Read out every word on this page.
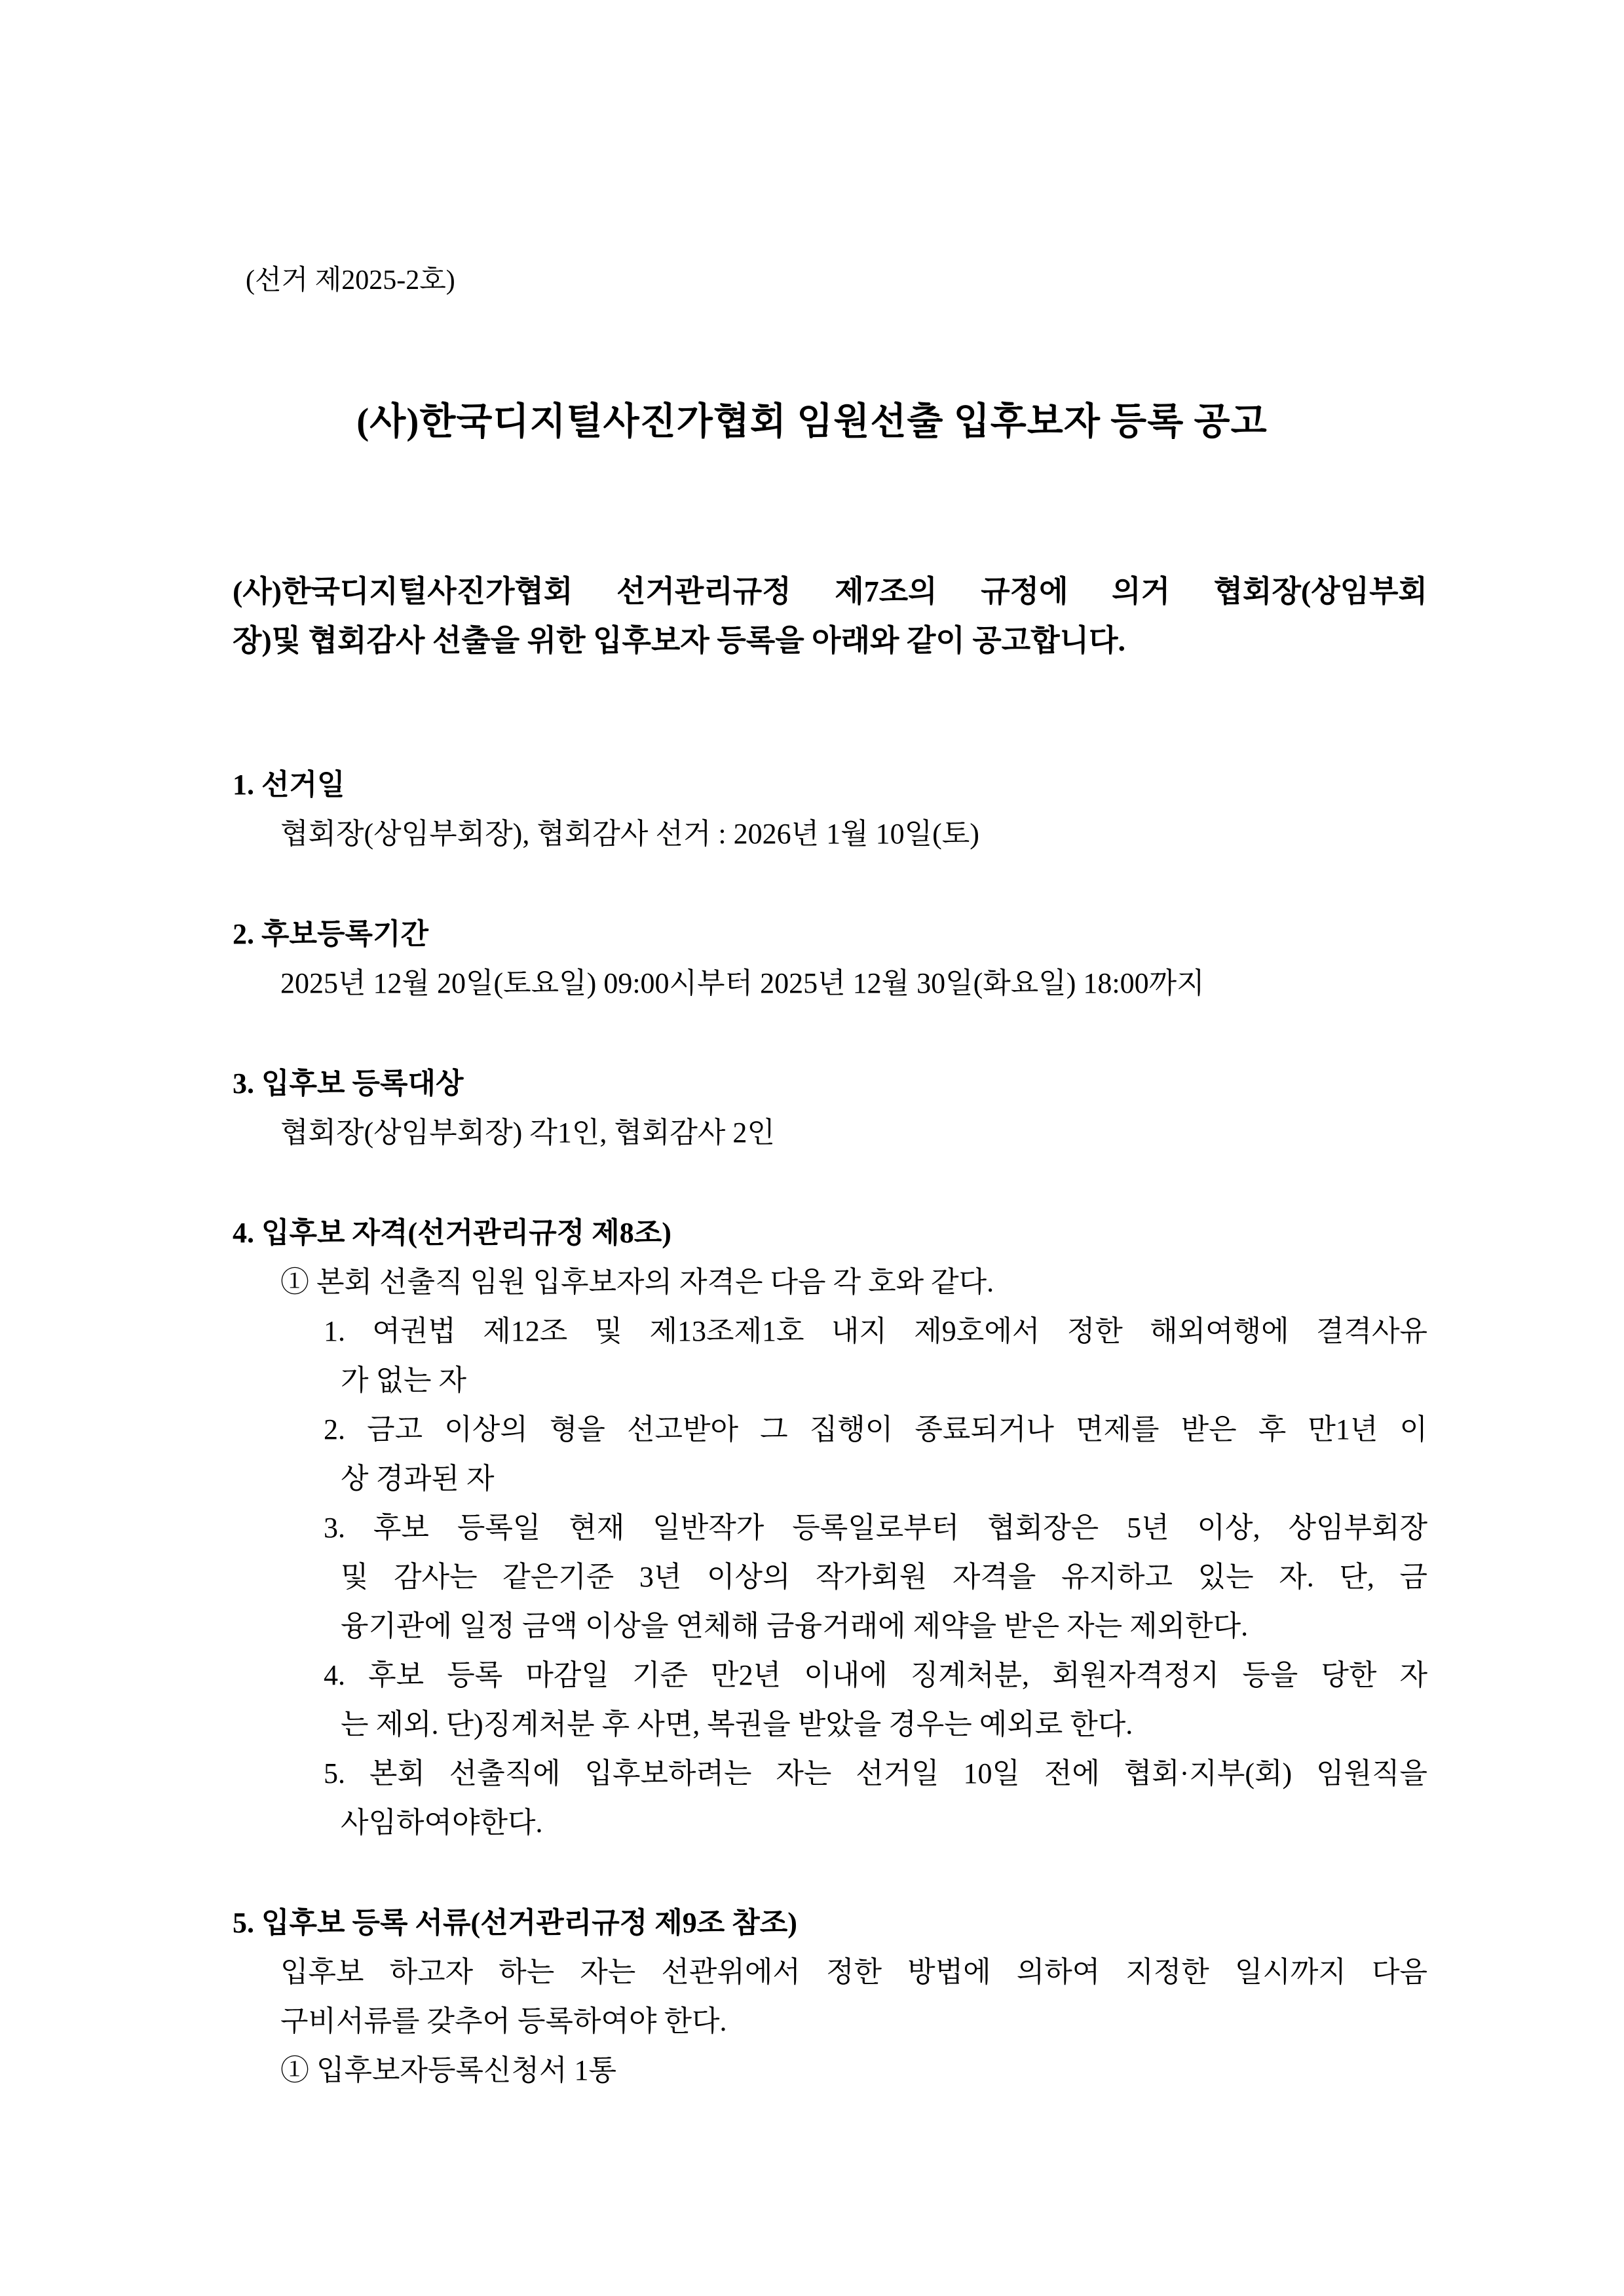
(선거 제2025-2호)

(사)한국디지털사진가협회 임원선출 입후보자 등록 공고

(사)한국디지털사진가협회 선거관리규정 제7조의 규정에 의거 협회장(상임부회

장)및 협회감사 선출을 위한 입후보자 등록을 아래와 같이 공고합니다.

1. 선거일

협회장(상임부회장), 협회감사 선거 : 2026년 1월 10일(토)

2. 후보등록기간

2025년 12월 20일(토요일) 09:00시부터 2025년 12월 30일(화요일) 18:00까지

3. 입후보 등록대상

협회장(상임부회장) 각1인, 협회감사 2인

4. 입후보 자격(선거관리규정 제8조)

① 본회 선출직 임원 입후보자의 자격은 다음 각 호와 같다.

1. 여권법 제12조 및 제13조제1호 내지 제9호에서 정한 해외여행에 결격사유

가 없는 자

2. 금고 이상의 형을 선고받아 그 집행이 종료되거나 면제를 받은 후 만1년 이

상 경과된 자

3. 후보 등록일 현재 일반작가 등록일로부터 협회장은 5년 이상, 상임부회장

및 감사는 같은기준 3년 이상의 작가회원 자격을 유지하고 있는 자. 단, 금

융기관에 일정 금액 이상을 연체해 금융거래에 제약을 받은 자는 제외한다.

4. 후보 등록 마감일 기준 만2년 이내에 징계처분, 회원자격정지 등을 당한 자

는 제외. 단)징계처분 후 사면, 복권을 받았을 경우는 예외로 한다.

5. 본회 선출직에 입후보하려는 자는 선거일 10일 전에 협회·지부(회) 임원직을

사임하여야한다.

5. 입후보 등록 서류(선거관리규정 제9조 참조)

입후보 하고자 하는 자는 선관위에서 정한 방법에 의하여 지정한 일시까지 다음

구비서류를 갖추어 등록하여야 한다.

① 입후보자등록신청서 1통
